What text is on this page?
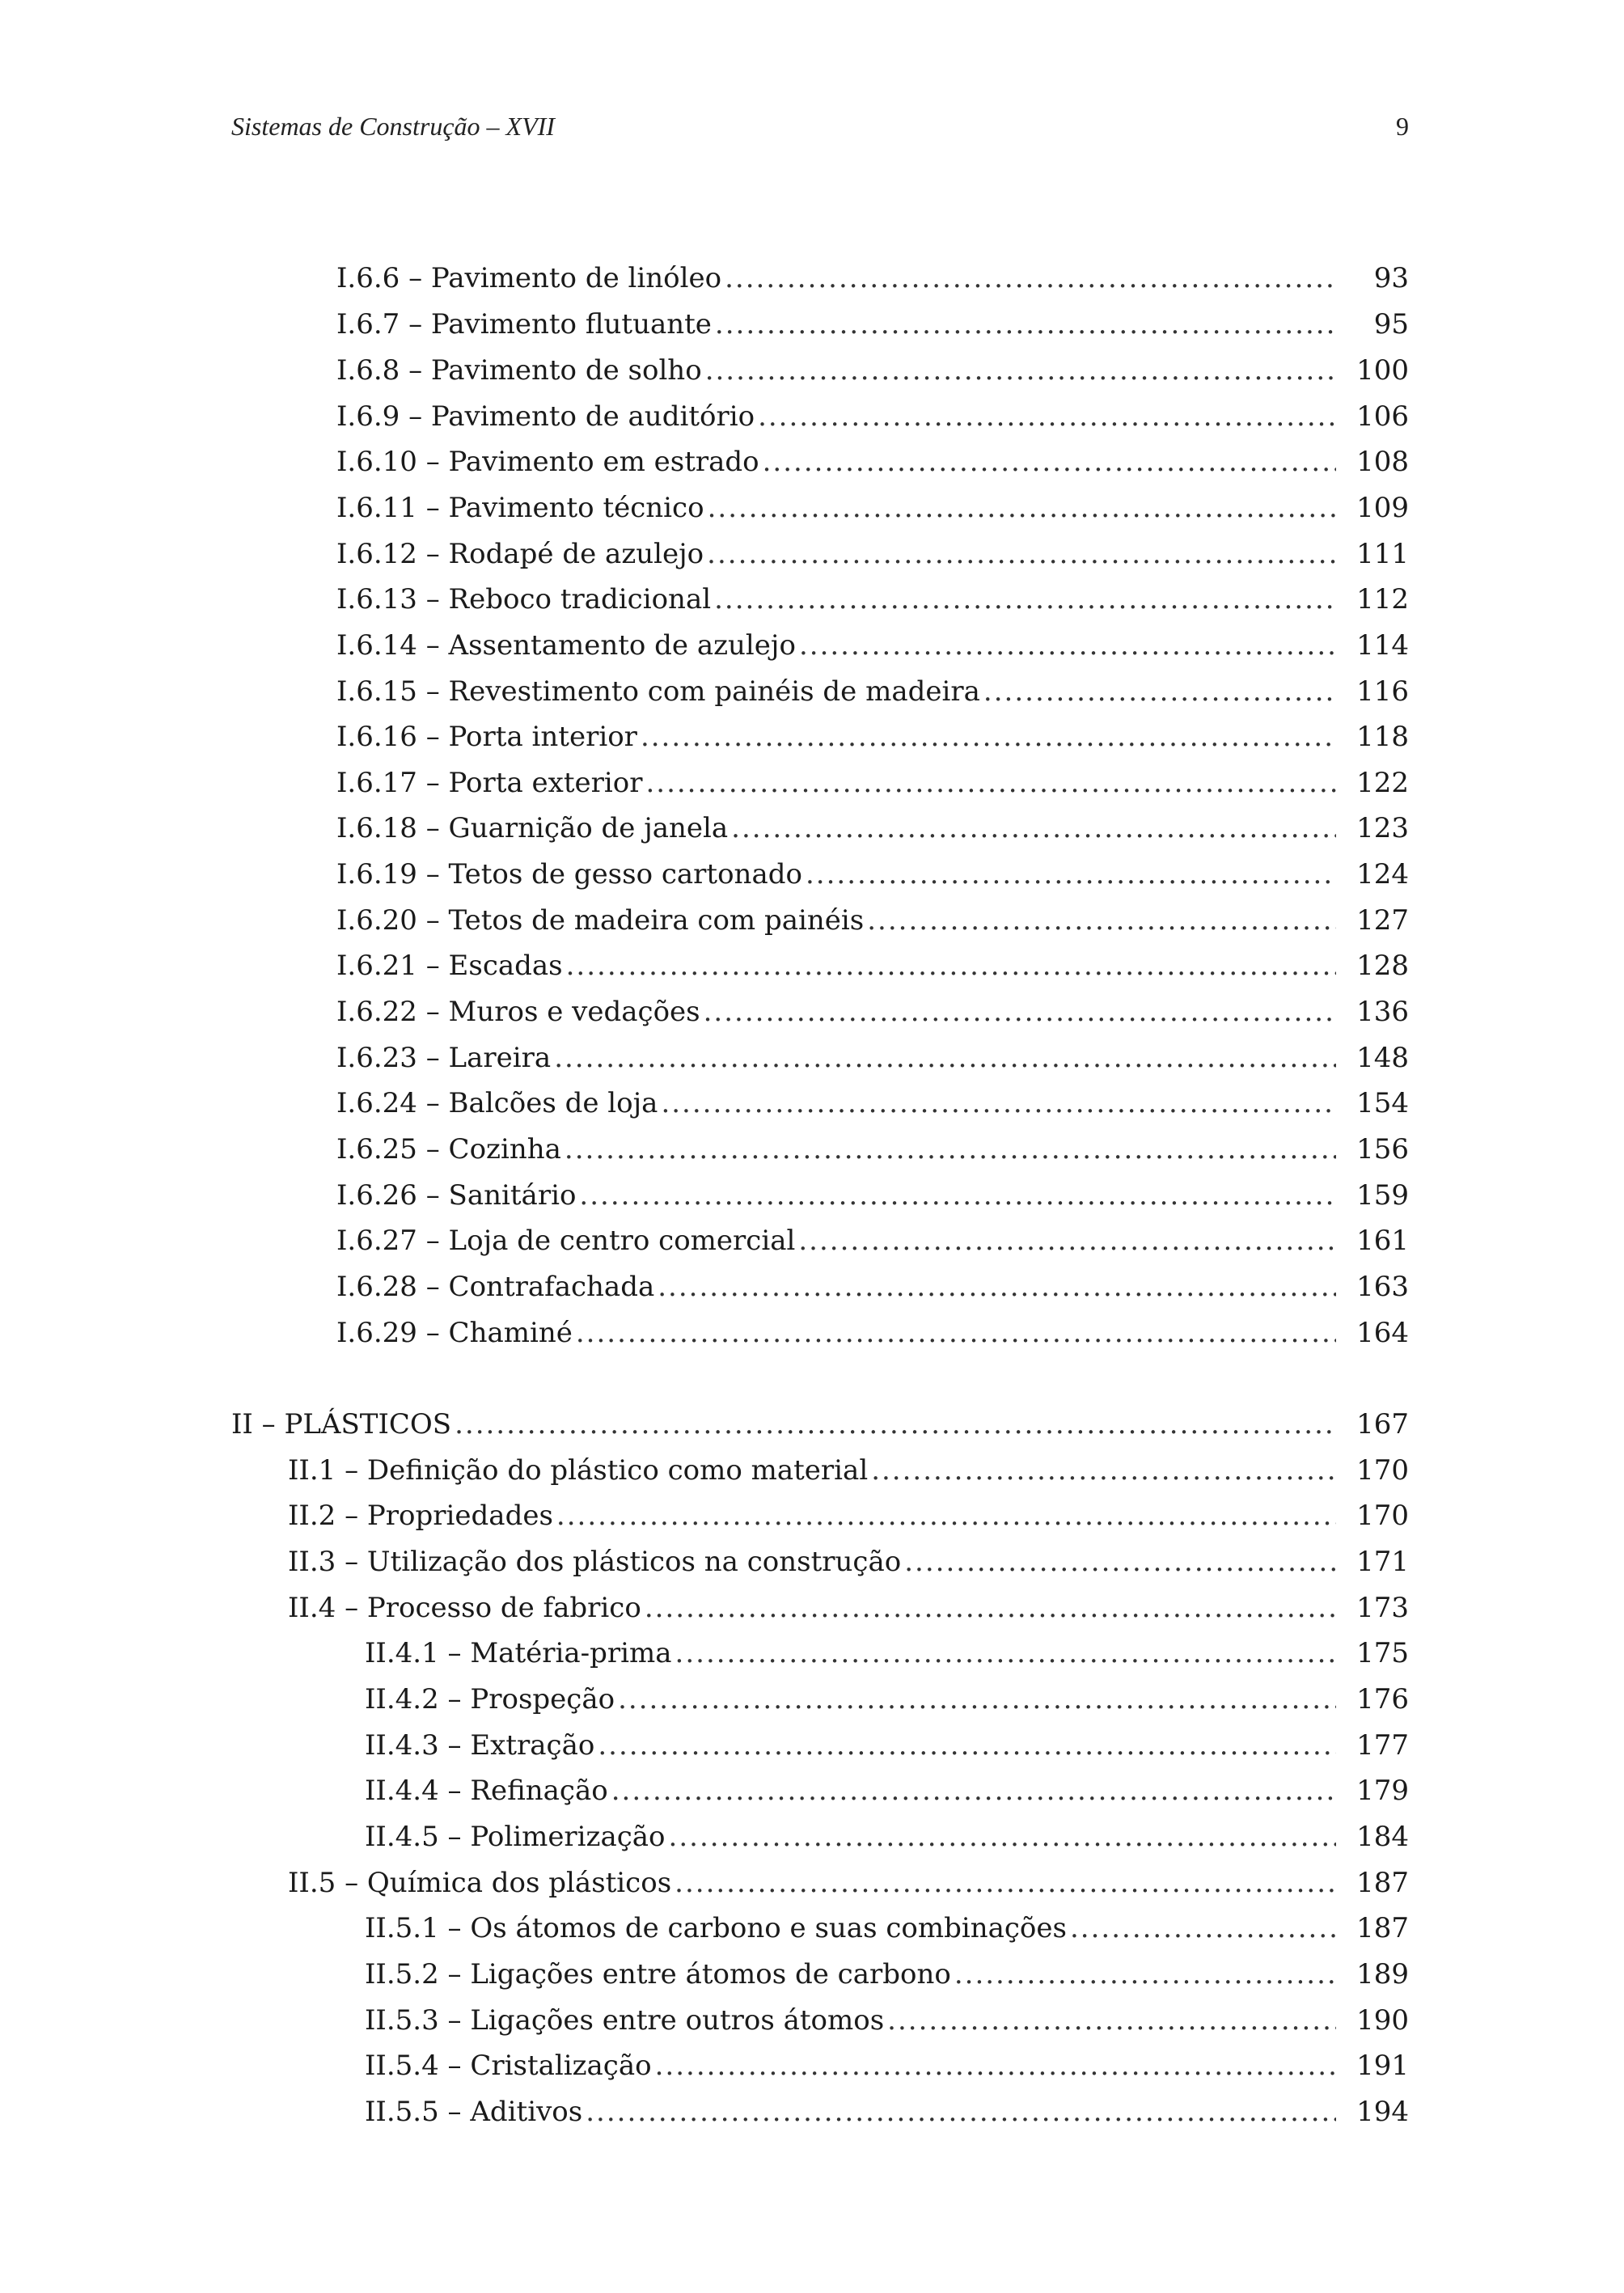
Sistemas de Construção – XVII	9
I.6.6 – Pavimento de linóleo .....	93
I.6.7 – Pavimento flutuante .....	95
I.6.8 – Pavimento de solho .....	100
I.6.9 – Pavimento de auditório .....	106
I.6.10 – Pavimento em estrado .....	108
I.6.11 – Pavimento técnico .....	109
I.6.12 – Rodapé de azulejo .....	111
I.6.13 – Reboco tradicional .....	112
I.6.14 – Assentamento de azulejo .....	114
I.6.15 – Revestimento com painéis de madeira .....	116
I.6.16 – Porta interior .....	118
I.6.17 – Porta exterior .....	122
I.6.18 – Guarnição de janela .....	123
I.6.19 – Tetos de gesso cartonado .....	124
I.6.20 – Tetos de madeira com painéis .....	127
I.6.21 – Escadas .....	128
I.6.22 – Muros e vedações .....	136
I.6.23 – Lareira .....	148
I.6.24 – Balcões de loja .....	154
I.6.25 – Cozinha .....	156
I.6.26 – Sanitário .....	159
I.6.27 – Loja de centro comercial .....	161
I.6.28 – Contrafachada .....	163
I.6.29 – Chaminé .....	164
II – PLÁSTICOS .....	167
II.1 – Definição do plástico como material .....	170
II.2 – Propriedades .....	170
II.3 – Utilização dos plásticos na construção .....	171
II.4 – Processo de fabrico .....	173
II.4.1 – Matéria-prima .....	175
II.4.2 – Prospeção .....	176
II.4.3 – Extração .....	177
II.4.4 – Refinação .....	179
II.4.5 – Polimerização .....	184
II.5 – Química dos plásticos .....	187
II.5.1 – Os átomos de carbono e suas combinações .....	187
II.5.2 – Ligações entre átomos de carbono .....	189
II.5.3 – Ligações entre outros átomos .....	190
II.5.4 – Cristalização .....	191
II.5.5 – Aditivos .....	194
